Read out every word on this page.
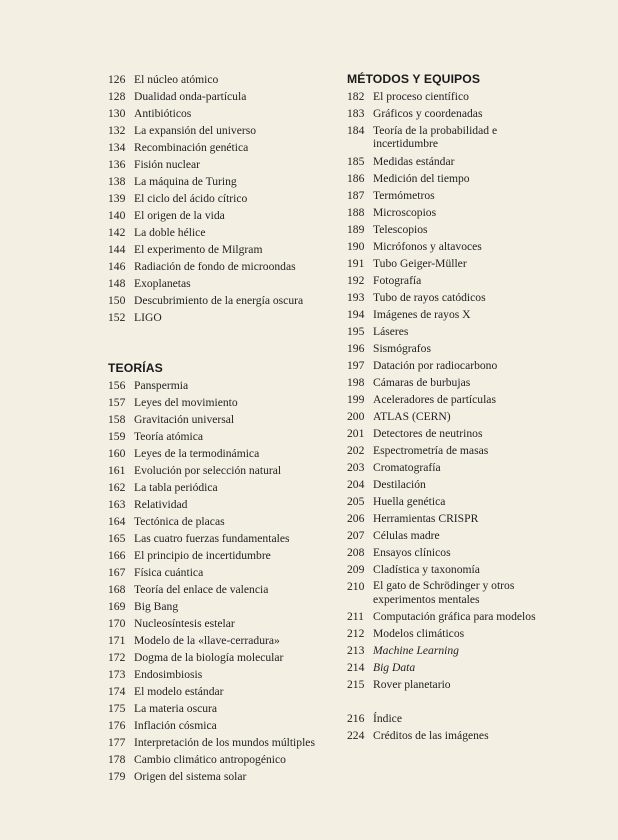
126 El núcleo atómico
128 Dualidad onda-partícula
130 Antibióticos
132 La expansión del universo
134 Recombinación genética
136 Fisión nuclear
138 La máquina de Turing
139 El ciclo del ácido cítrico
140 El origen de la vida
142 La doble hélice
144 El experimento de Milgram
146 Radiación de fondo de microondas
148 Exoplanetas
150 Descubrimiento de la energía oscura
152 LIGO
TEORÍAS
156 Panspermia
157 Leyes del movimiento
158 Gravitación universal
159 Teoría atómica
160 Leyes de la termodinámica
161 Evolución por selección natural
162 La tabla periódica
163 Relatividad
164 Tectónica de placas
165 Las cuatro fuerzas fundamentales
166 El principio de incertidumbre
167 Física cuántica
168 Teoría del enlace de valencia
169 Big Bang
170 Nucleosíntesis estelar
171 Modelo de la «llave-cerradura»
172 Dogma de la biología molecular
173 Endosimbiosis
174 El modelo estándar
175 La materia oscura
176 Inflación cósmica
177 Interpretación de los mundos múltiples
178 Cambio climático antropogénico
179 Origen del sistema solar
MÉTODOS Y EQUIPOS
182 El proceso científico
183 Gráficos y coordenadas
184 Teoría de la probabilidad e incertidumbre
185 Medidas estándar
186 Medición del tiempo
187 Termómetros
188 Microscopios
189 Telescopios
190 Micrófonos y altavoces
191 Tubo Geiger-Müller
192 Fotografía
193 Tubo de rayos catódicos
194 Imágenes de rayos X
195 Láseres
196 Sismógrafos
197 Datación por radiocarbono
198 Cámaras de burbujas
199 Aceleradores de partículas
200 ATLAS (CERN)
201 Detectores de neutrinos
202 Espectrometría de masas
203 Cromatografía
204 Destilación
205 Huella genética
206 Herramientas CRISPR
207 Células madre
208 Ensayos clínicos
209 Cladística y taxonomía
210 El gato de Schrödinger y otros experimentos mentales
211 Computación gráfica para modelos
212 Modelos climáticos
213 Machine Learning
214 Big Data
215 Rover planetario
216 Índice
224 Créditos de las imágenes
